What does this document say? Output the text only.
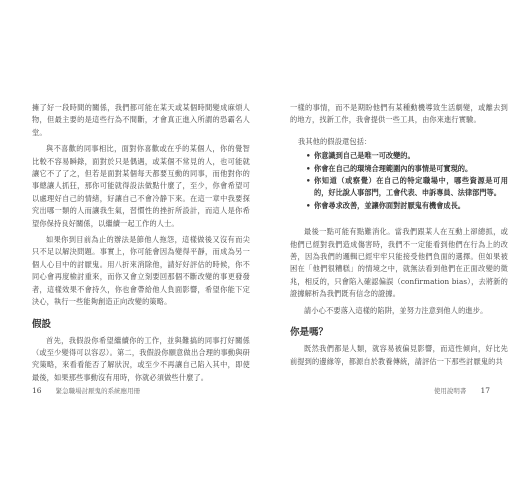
擁了好一段時間的關係，我們都可能在某天或某個時間變成麻煩人物，但最主要的是這些行為不間斷，才會真正進入所謂的恐霸名人堂。

與不喜歡的同事相比，面對你喜歡或在乎的某個人，你的覺智比較不容易瞬錄，面對於只是偶遇，或某個不常見的人，也可能就讓它不了了之，但若是面對某個每天都要互動的同事，而他對你的事總讓人抓狂，那你可能就得設法做點什麼了，至少，你會希望可以處理好自己的情緒，好讓自己不會冷静下來。在這一章中我要探究出哪一類的人而讓我生氣，習慣性的挫折所設計，而這人是你希望你保持良好關係，以繼續一起工作的人士。

如果你到目前為止的辦法是節他人拖怨，這樣做後又沒有而尖只不足以解決問題。事實上，你可能會因為變得平靜，而成為另一個人心目中的討厭鬼。用八折來消除他，請好好評估的時候，你不同心會再度檢討重來，而你又會立刻要回那個不斷改變的事更發發者，這樣效果不會持久，你也會帶給他人負面影響，希望你能下定決心，執行一些能夠創造正向改變的策略。

假設

首先，我假設你希望繼續你的工作，並與難搞的同事打好關係（或至少變得可以容忍）。第二，我假設你願意做出合理的事動與研究策略，來看看能否了解狀況，或至少不再讓自己陷入其中，即使最後，如果那些事動沒有用時，你就必須做些什麼了。

16 緊急職場討厭鬼的系統應用冊

一樣的事情，而不是期盼他們有某種動機導致生活劇變，或離去到的地方，找新工作，我會提供一些工具，由你來進行實驗。

我其他的假設還包括：

• 你意識到自己是唯一可改變的。
• 你會在自己的環境合理範圍內的事情是可實現的。
• 你知道（或察覺）在自己的特定職場中，哪些資源是可用的，好比說人事部門，工會代表、申訴專員、法律部門等。
• 你會尋求改善，並讓你面對討厭鬼有機會成長。

最後一點可能有點難消化。當我們跟某人在互動上卻總抓，或他們已經對我們造成傷害時，我們不一定能看到他們在行為上的改善，因為我們的邏輯已經牢牢只能接受他們負面的選擇。但如果被困在「他們很糟糕」的情境之中，就無法看到他們在正面改變的徵兆，相反的，只會陷入確認偏誤（confirmation bias），去將新的證據解析為我們既有信念的證據。

請小心不要落入這樣的陷阱，並努力注意到他人的進步。

你是嗎？

既然我們都是人類，就容易被偏見影響，而這性傾向，好比先前提到的邊緣等，都源自於教養傳統，請評估一下那些討厭鬼的共

使用說明書 17
